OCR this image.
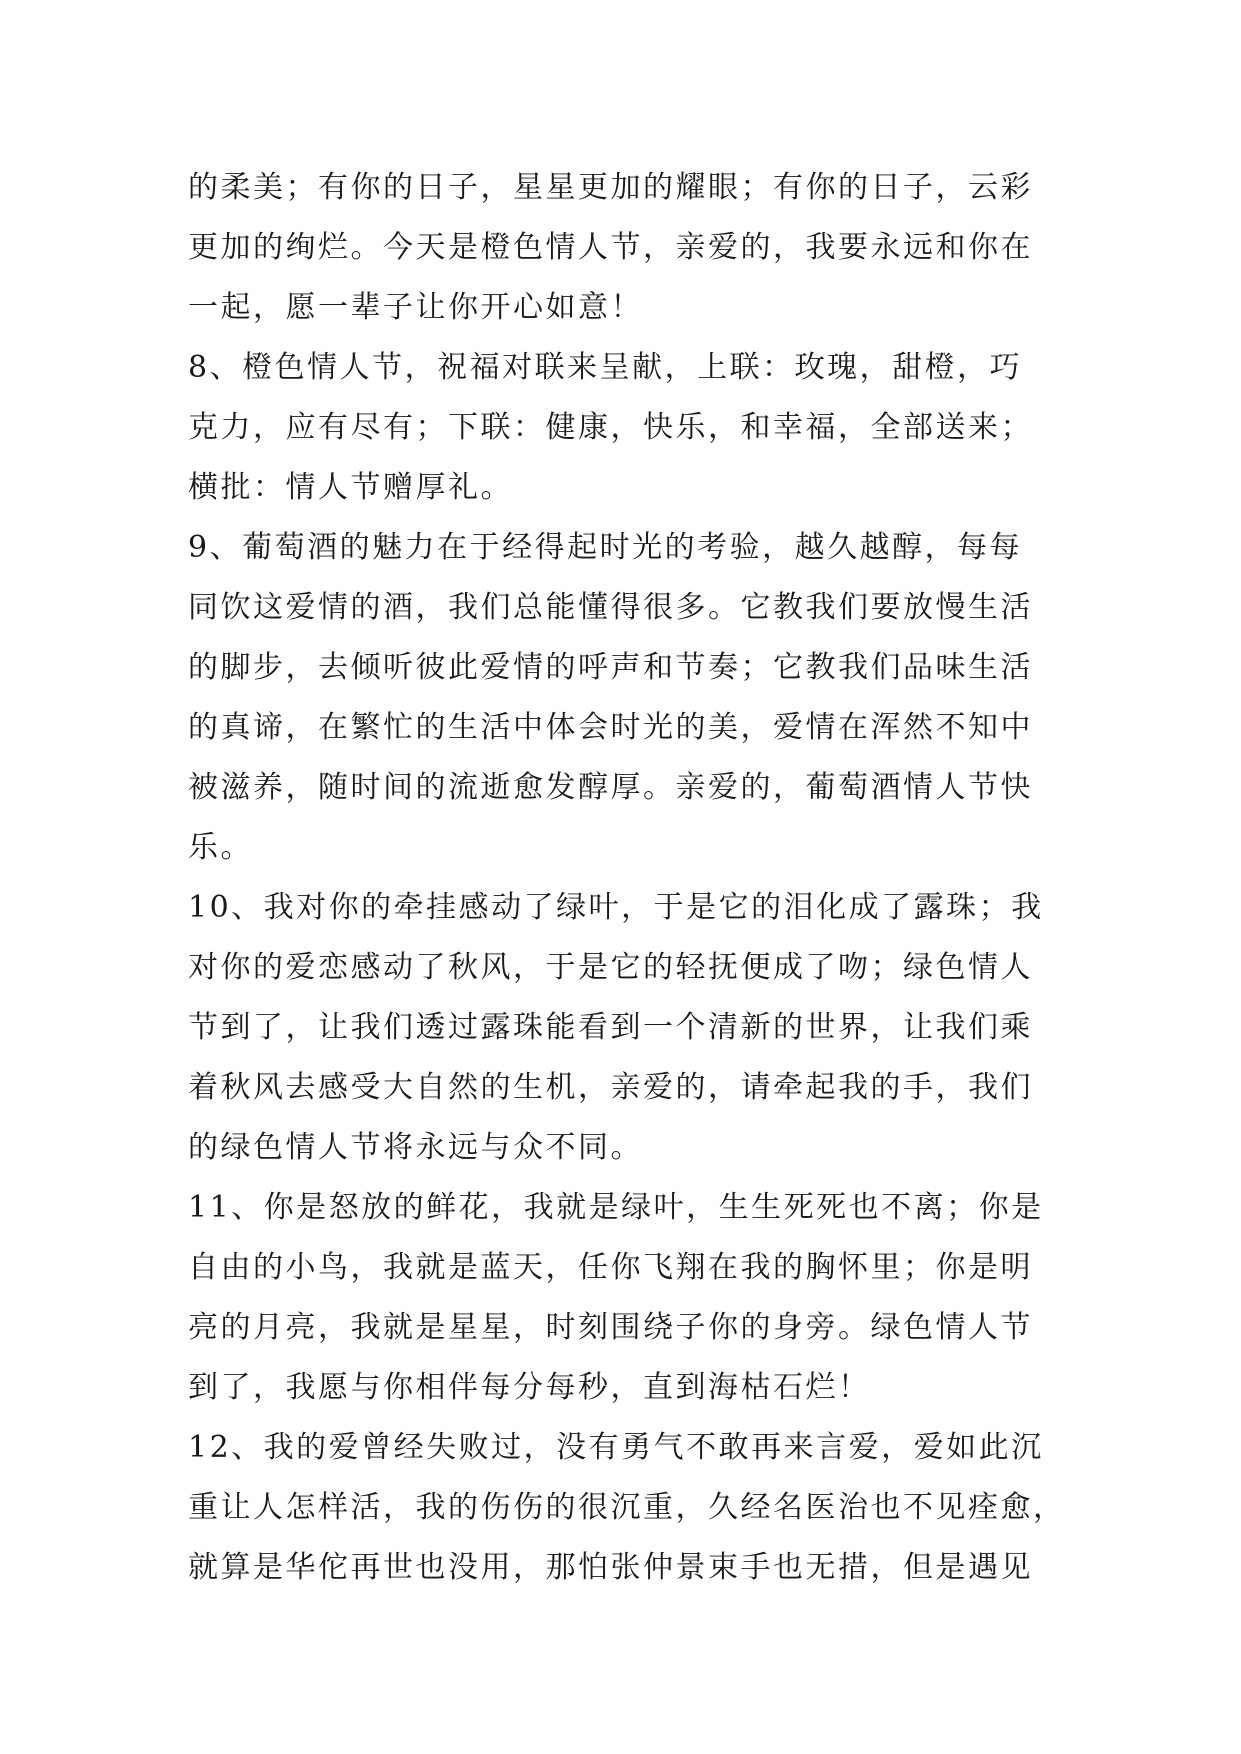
的柔美；有你的日子，星星更加的耀眼；有你的日子，云彩
更加的绚烂。今天是橙色情人节，亲爱的，我要永远和你在
一起，愿一辈子让你开心如意！
8、橙色情人节，祝福对联来呈献，上联：玫瑰，甜橙，巧
克力，应有尽有；下联：健康，快乐，和幸福，全部送来；
横批：情人节赠厚礼。
9、葡萄酒的魅力在于经得起时光的考验，越久越醇，每每
同饮这爱情的酒，我们总能懂得很多。它教我们要放慢生活
的脚步，去倾听彼此爱情的呼声和节奏；它教我们品味生活
的真谛，在繁忙的生活中体会时光的美，爱情在浑然不知中
被滋养，随时间的流逝愈发醇厚。亲爱的，葡萄酒情人节快
乐。
10、我对你的牵挂感动了绿叶，于是它的泪化成了露珠；我
对你的爱恋感动了秋风，于是它的轻抚便成了吻；绿色情人
节到了，让我们透过露珠能看到一个清新的世界，让我们乘
着秋风去感受大自然的生机，亲爱的，请牵起我的手，我们
的绿色情人节将永远与众不同。
11、你是怒放的鲜花，我就是绿叶，生生死死也不离；你是
自由的小鸟，我就是蓝天，任你飞翔在我的胸怀里；你是明
亮的月亮，我就是星星，时刻围绕子你的身旁。绿色情人节
到了，我愿与你相伴每分每秒，直到海枯石烂！
12、我的爱曾经失败过，没有勇气不敢再来言爱，爱如此沉
重让人怎样活，我的伤伤的很沉重，久经名医治也不见痊愈，
就算是华佗再世也没用，那怕张仲景束手也无措，但是遇见
